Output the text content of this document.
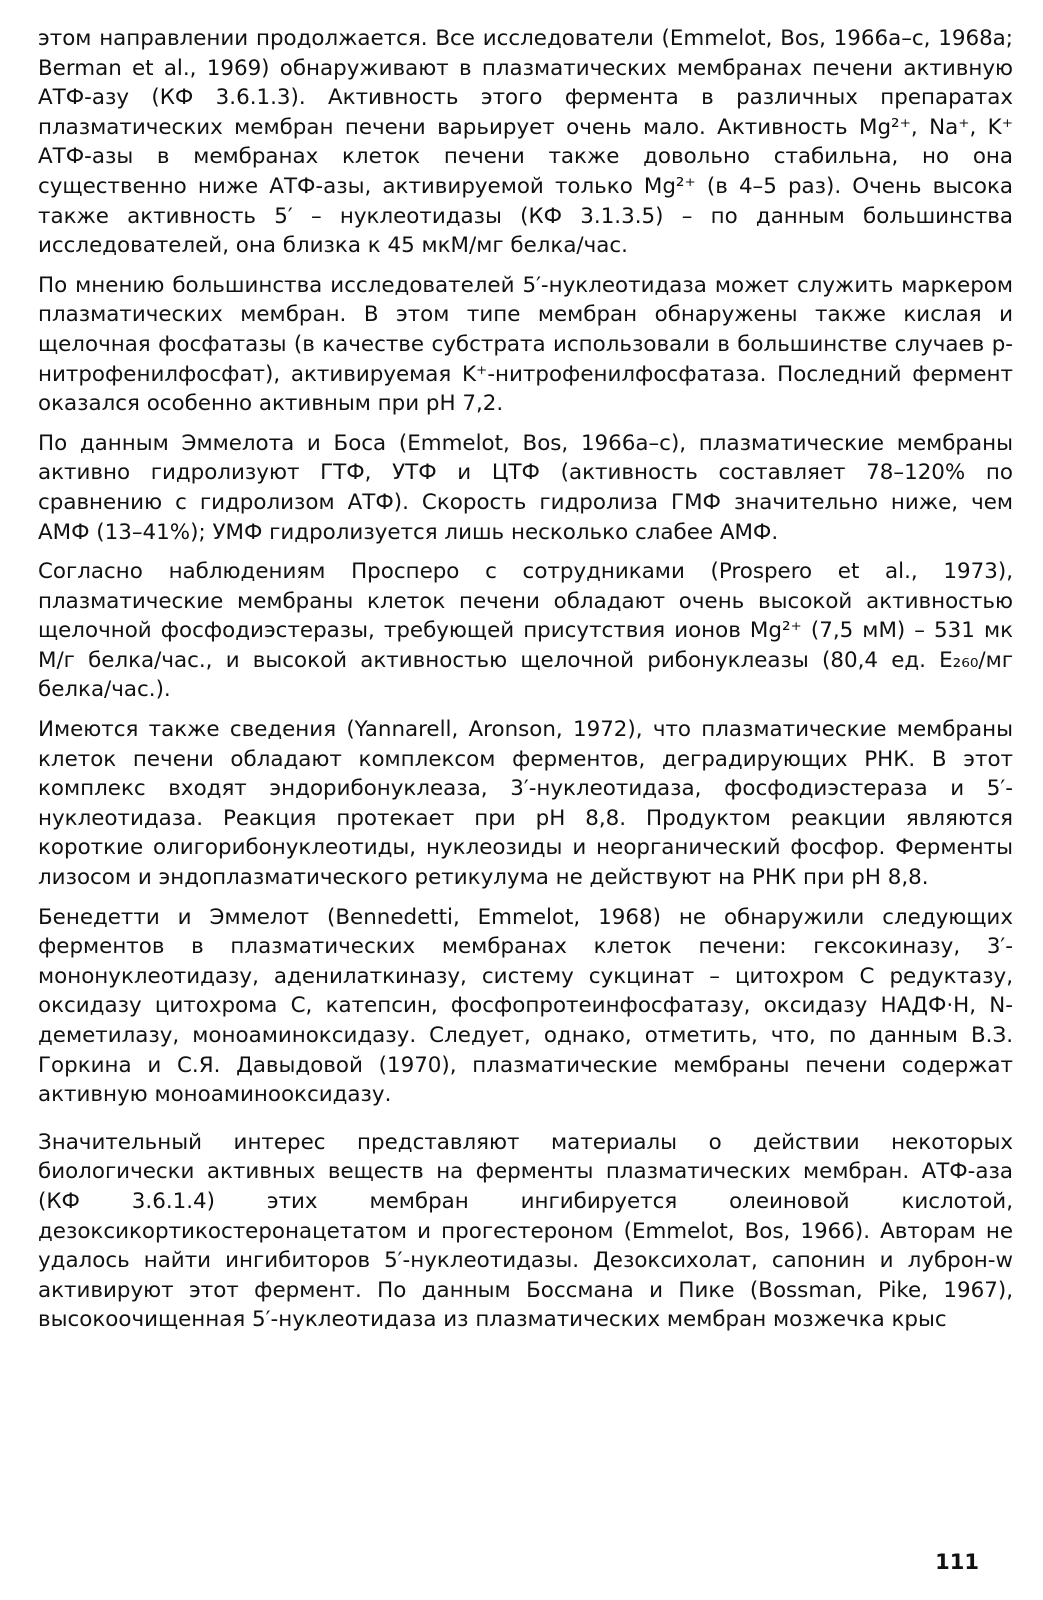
этом направлении продолжается. Все исследователи (Emmelot, Bos, 1966а–с, 1968а; Berman et al., 1969) обнаруживают в плазматических мембранах печени активную АТФ-азу (КФ 3.6.1.3). Активность этого фермента в различных препаратах плазматических мембран печени варьирует очень мало. Активность Mg²⁺, Na⁺, K⁺ АТФ-азы в мембранах клеток печени также довольно стабильна, но она существенно ниже АТФ-азы, активируемой только Mg²⁺ (в 4–5 раз). Очень высока также активность 5′ – нуклеотидазы (КФ 3.1.3.5) – по данным большинства исследователей, она близка к 45 мкМ/мг белка/час.

По мнению большинства исследователей 5′-нуклеотидаза может служить маркером плазматических мембран. В этом типе мембран обнаружены также кислая и щелочная фосфатазы (в качестве субстрата использовали в большинстве случаев р-нитрофенилфосфат), активируемая K⁺-нитрофенилфосфатаза. Последний фермент оказался особенно активным при рН 7,2.

По данным Эммелота и Боса (Emmelot, Bos, 1966а–с), плазматические мембраны активно гидролизуют ГТФ, УТФ и ЦТФ (активность составляет 78–120% по сравнению с гидролизом АТФ). Скорость гидролиза ГМФ значительно ниже, чем АМФ (13–41%); УМФ гидролизуется лишь несколько слабее АМФ.

Согласно наблюдениям Просперо с сотрудниками (Prospero et al., 1973), плазматические мембраны клеток печени обладают очень высокой активностью щелочной фосфодиэстеразы, требующей присутствия ионов Mg²⁺ (7,5 мМ) – 531 мк М/г белка/час., и высокой активностью щелочной рибонуклеазы (80,4 ед. E₂₆₀/мг белка/час.).

Имеются также сведения (Yannarell, Aronson, 1972), что плазматические мембраны клеток печени обладают комплексом ферментов, деградирующих РНК. В этот комплекс входят эндорибонуклеаза, 3′-нуклеотидаза, фосфодиэстераза и 5′-нуклеотидаза. Реакция протекает при рН 8,8. Продуктом реакции являются короткие олигорибонуклеотиды, нуклеозиды и неорганический фосфор. Ферменты лизосом и эндоплазматического ретикулума не действуют на РНК при рН 8,8.

Бенедетти и Эммелот (Bennedetti, Emmelot, 1968) не обнаружили следующих ферментов в плазматических мембранах клеток печени: гексокиназу, 3′-мононуклеотидазу, аденилаткиназу, систему сукцинат – цитохром С редуктазу, оксидазу цитохрома С, катепсин, фосфопротеинфосфатазу, оксидазу НАДФ·Н, N-деметилазу, моноаминоксидазу. Следует, однако, отметить, что, по данным В.З. Горкина и С.Я. Давыдовой (1970), плазматические мембраны печени содержат активную моноаминооксидазу.

Значительный интерес представляют материалы о действии некоторых биологически активных веществ на ферменты плазматических мембран. АТФ-аза (КФ 3.6.1.4) этих мембран ингибируется олеиновой кислотой, дезоксикортикостеронацетатом и прогестероном (Emmelot, Bos, 1966). Авторам не удалось найти ингибиторов 5′-нуклеотидазы. Дезоксихолат, сапонин и луброн-w активируют этот фермент. По данным Боссмана и Пике (Bossman, Pike, 1967), высокоочищенная 5′-нуклеотидаза из плазматических мембран мозжечка крыс

111
